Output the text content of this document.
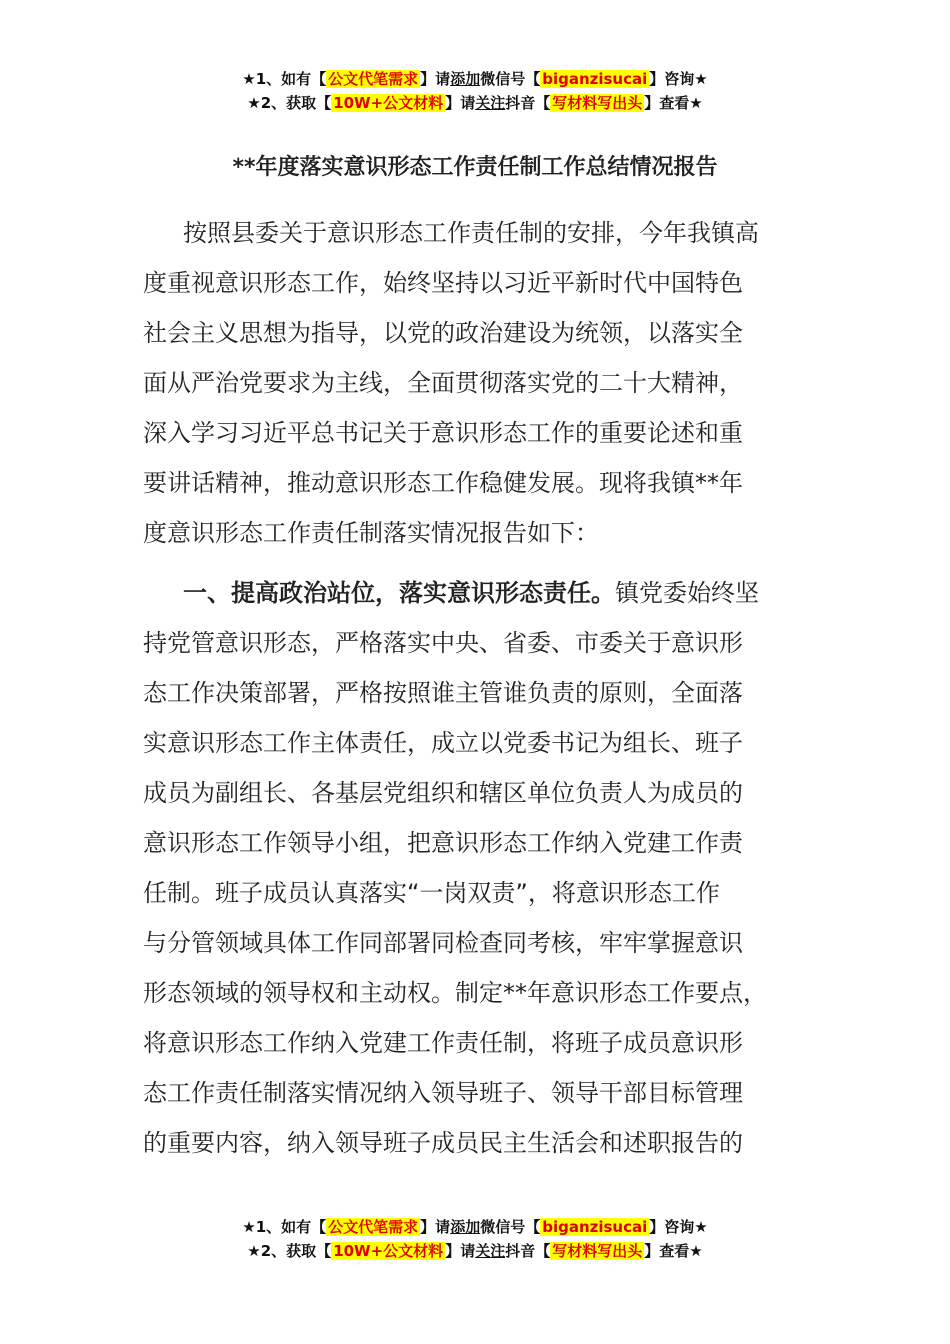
★1、如有【 公文代笔需求 】请添加微信号【 biganzisucai 】咨询★
★2、获取【 10W+公文材料 】请关注抖音【 写材料写出头 】查看★
**年度落实意识形态工作责任制工作总结情况报告
按照县委关于意识形态工作责任制的安排，今年我镇高
度重视意识形态工作，始终坚持以习近平新时代中国特色
社会主义思想为指导，以党的政治建设为统领，以落实全
面从严治党要求为主线，全面贯彻落实党的二十大精神，
深入学习习近平总书记关于意识形态工作的重要论述和重
要讲话精神，推动意识形态工作稳健发展。现将我镇**年
度意识形态工作责任制落实情况报告如下：
一、提高政治站位，落实意识形态责任。镇党委始终坚
持党管意识形态，严格落实中央、省委、市委关于意识形
态工作决策部署，严格按照谁主管谁负责的原则，全面落
实意识形态工作主体责任，成立以党委书记为组长、班子
成员为副组长、各基层党组织和辖区单位负责人为成员的
意识形态工作领导小组，把意识形态工作纳入党建工作责
任制。班子成员认真落实“一岗双责”，将意识形态工作
与分管领域具体工作同部署同检查同考核，牢牢掌握意识
形态领域的领导权和主动权。制定**年意识形态工作要点，
将意识形态工作纳入党建工作责任制，将班子成员意识形
态工作责任制落实情况纳入领导班子、领导干部目标管理
的重要内容，纳入领导班子成员民主生活会和述职报告的
★1、如有【 公文代笔需求 】请添加微信号【 biganzisucai 】咨询★
★2、获取【 10W+公文材料 】请关注抖音【 写材料写出头 】查看★
